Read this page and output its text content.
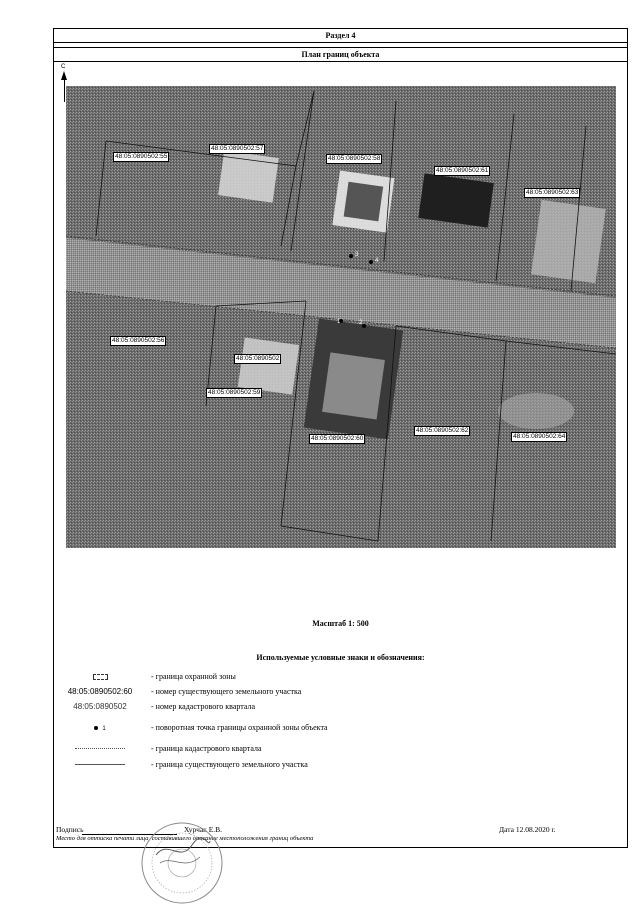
Раздел 4
План границ объекта
С
48:05:0890502:55
48:05:0890502:57
48:05:0890502:58
48:05:0890502:61
48:05:0890502:63
48:05:0890502:56
48:05:0890502
48:05:0890502:59
48:05:0890502:60
48:05:0890502:62
48:05:0890502:64
1	2
3
4
Масштаб 1: 500
Используемые условные знаки и обозначения:
- граница охранной зоны
48:05:0890502:60	- номер существующего земельного участка
48:05:0890502	- номер кадастрового квартала
1	- поворотная точка границы охранной зоны объекта
- граница кадастрового квартала
- граница существующего земельного участка
Подпись	Хурчак Е.В.	Дата 12.08.2020 г.
Место для оттиска печати лица, составившего описание местоположения границ объекта
